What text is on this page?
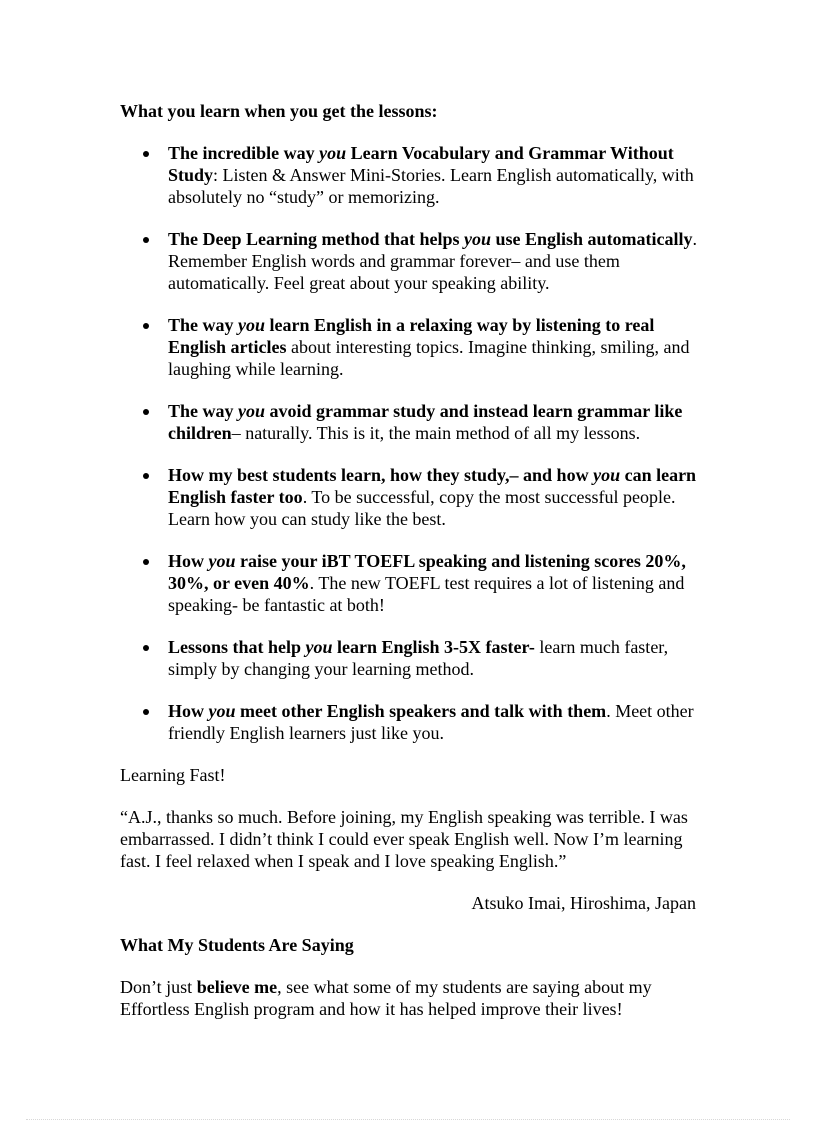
What you learn when you get the lessons:
The incredible way you Learn Vocabulary and Grammar Without Study: Listen & Answer Mini-Stories. Learn English automatically, with absolutely no “study” or memorizing.
The Deep Learning method that helps you use English automatically. Remember English words and grammar forever– and use them automatically. Feel great about your speaking ability.
The way you learn English in a relaxing way by listening to real English articles about interesting topics. Imagine thinking, smiling, and laughing while learning.
The way you avoid grammar study and instead learn grammar like children– naturally. This is it, the main method of all my lessons.
How my best students learn, how they study,– and how you can learn English faster too. To be successful, copy the most successful people. Learn how you can study like the best.
How you raise your iBT TOEFL speaking and listening scores 20%, 30%, or even 40%. The new TOEFL test requires a lot of listening and speaking- be fantastic at both!
Lessons that help you learn English 3-5X faster- learn much faster, simply by changing your learning method.
How you meet other English speakers and talk with them. Meet other friendly English learners just like you.

Learning Fast!

“A.J., thanks so much. Before joining, my English speaking was terrible. I was embarrassed. I didn’t think I could ever speak English well. Now I’m learning fast. I feel relaxed when I speak and I love speaking English.”

Atsuko Imai, Hiroshima, Japan
What My Students Are Saying

Don’t just believe me, see what some of my students are saying about my Effortless English program and how it has helped improve their lives!
